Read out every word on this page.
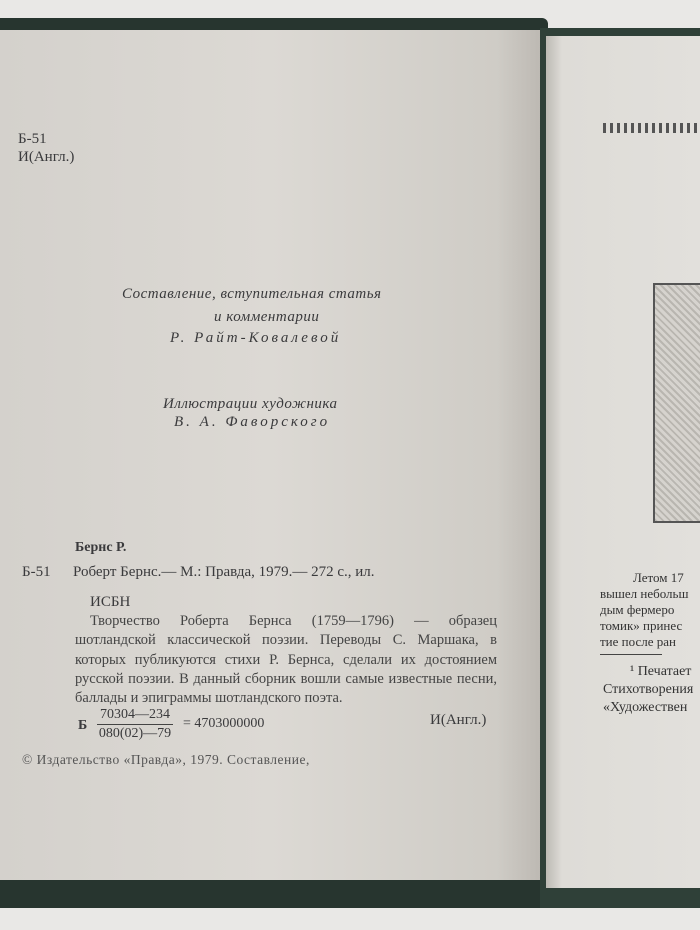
Б-51
И(Англ.)
Составление, вступительная статья
и комментарии
Р. Райт-Ковалевой
Иллюстрации художника
В. А. Фаворского
Бернс Р.
Б-51 Роберт Бернс.— М.: Правда, 1979.— 272 с., ил.
ИСБН
Творчество Роберта Бернса (1759—1796) — образец шотландской классической поэзии. Переводы С. Маршака, в которых публикуются стихи Р. Бернса, сделали их достоянием русской поэзии. В данный сборник вошли самые известные песни, баллады и эпиграммы шотландского поэта.
Б $\frac{70304—234}{080(02)—79} = 4703000000$	И(Англ.)
© Издательство «Правда», 1979. Составление,
Летом 17
вышел небольш
дым фермеро
томик» принес
тие после ран
¹ Печатает
Стихотворения
«Художествен
